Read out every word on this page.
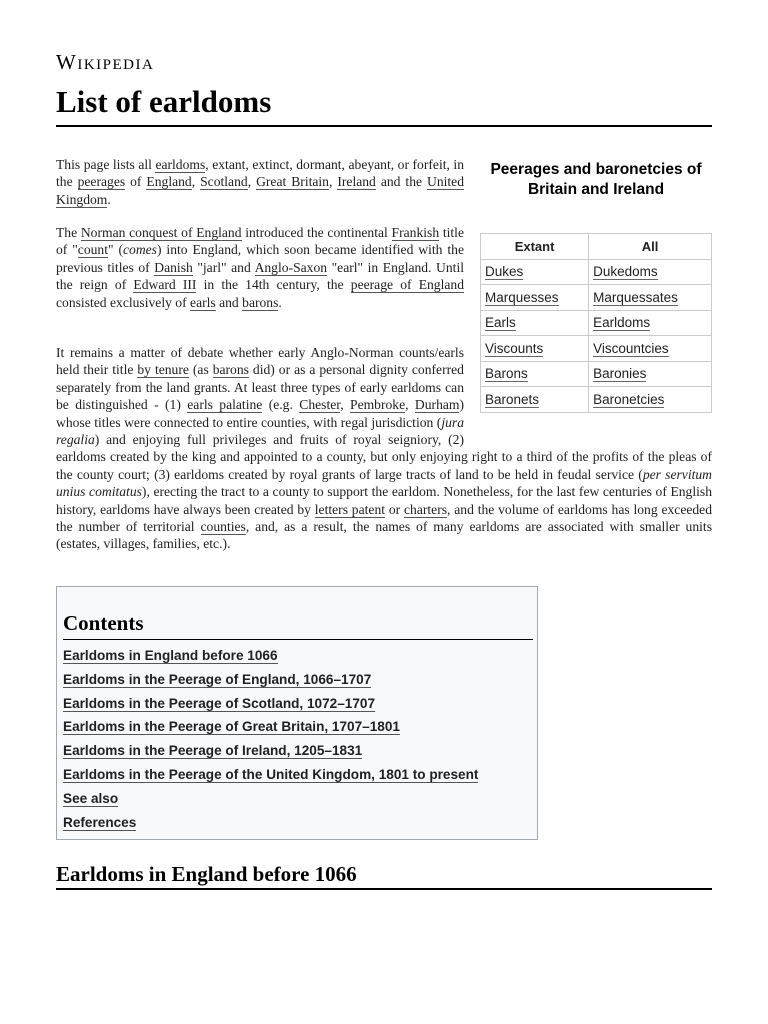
Wikipedia
List of earldoms
This page lists all earldoms, extant, extinct, dormant, abeyant, or forfeit, in the peerages of England, Scotland, Great Britain, Ireland and the United Kingdom.
The Norman conquest of England introduced the continental Frankish title of "count" (comes) into England, which soon became identified with the previous titles of Danish "jarl" and Anglo-Saxon "earl" in England. Until the reign of Edward III in the 14th century, the peerage of England consisted exclusively of earls and barons.
It remains a matter of debate whether early Anglo-Norman counts/earls held their title by tenure (as barons did) or as a personal dignity conferred separately from the land grants. At least three types of early earldoms can be distinguished - (1) earls palatine (e.g. Chester, Pembroke, Durham) whose titles were connected to entire counties, with regal jurisdiction (jura regalia) and enjoying full privileges and fruits of royal seigniory, (2) earldoms created by the king and appointed to a county, but only enjoying right to a third of the profits of the pleas of the county court; (3) earldoms created by royal grants of large tracts of land to be held in feudal service (per servitum unius comitatus), erecting the tract to a county to support the earldom. Nonetheless, for the last few centuries of English history, earldoms have always been created by letters patent or charters, and the volume of earldoms has long exceeded the number of territorial counties, and, as a result, the names of many earldoms are associated with smaller units (estates, villages, families, etc.).
Peerages and baronetcies of Britain and Ireland
Extant	All
Dukes	Dukedoms
Marquesses	Marquessates
Earls	Earldoms
Viscounts	Viscountcies
Barons	Baronies
Baronets	Baronetcies
Contents
Earldoms in England before 1066
Earldoms in the Peerage of England, 1066–1707
Earldoms in the Peerage of Scotland, 1072–1707
Earldoms in the Peerage of Great Britain, 1707–1801
Earldoms in the Peerage of Ireland, 1205–1831
Earldoms in the Peerage of the United Kingdom, 1801 to present
See also
References
Earldoms in England before 1066
